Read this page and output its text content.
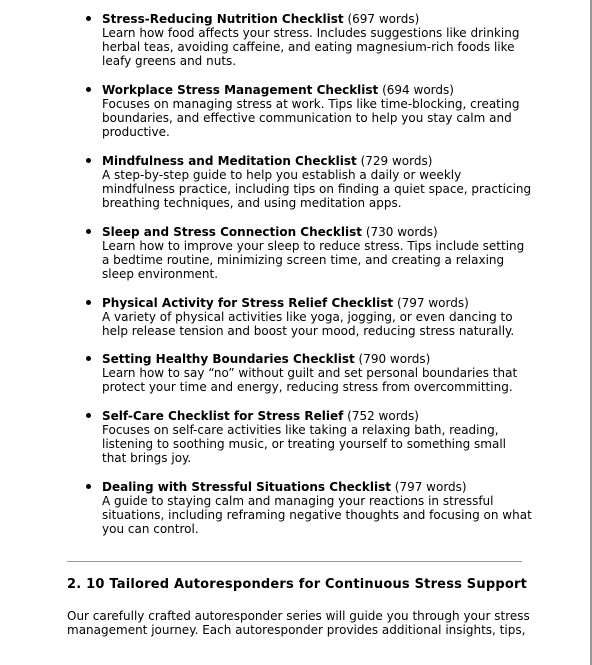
Stress-Reducing Nutrition Checklist (697 words)
Learn how food affects your stress. Includes suggestions like drinking
herbal teas, avoiding caffeine, and eating magnesium-rich foods like
leafy greens and nuts.
Workplace Stress Management Checklist (694 words)
Focuses on managing stress at work. Tips like time-blocking, creating
boundaries, and effective communication to help you stay calm and
productive.
Mindfulness and Meditation Checklist (729 words)
A step-by-step guide to help you establish a daily or weekly
mindfulness practice, including tips on finding a quiet space, practicing
breathing techniques, and using meditation apps.
Sleep and Stress Connection Checklist (730 words)
Learn how to improve your sleep to reduce stress. Tips include setting
a bedtime routine, minimizing screen time, and creating a relaxing
sleep environment.
Physical Activity for Stress Relief Checklist (797 words)
A variety of physical activities like yoga, jogging, or even dancing to
help release tension and boost your mood, reducing stress naturally.
Setting Healthy Boundaries Checklist (790 words)
Learn how to say “no” without guilt and set personal boundaries that
protect your time and energy, reducing stress from overcommitting.
Self-Care Checklist for Stress Relief (752 words)
Focuses on self-care activities like taking a relaxing bath, reading,
listening to soothing music, or treating yourself to something small
that brings joy.
Dealing with Stressful Situations Checklist (797 words)
A guide to staying calm and managing your reactions in stressful
situations, including reframing negative thoughts and focusing on what
you can control.
2. 10 Tailored Autoresponders for Continuous Stress Support
Our carefully crafted autoresponder series will guide you through your stress
management journey. Each autoresponder provides additional insights, tips,
